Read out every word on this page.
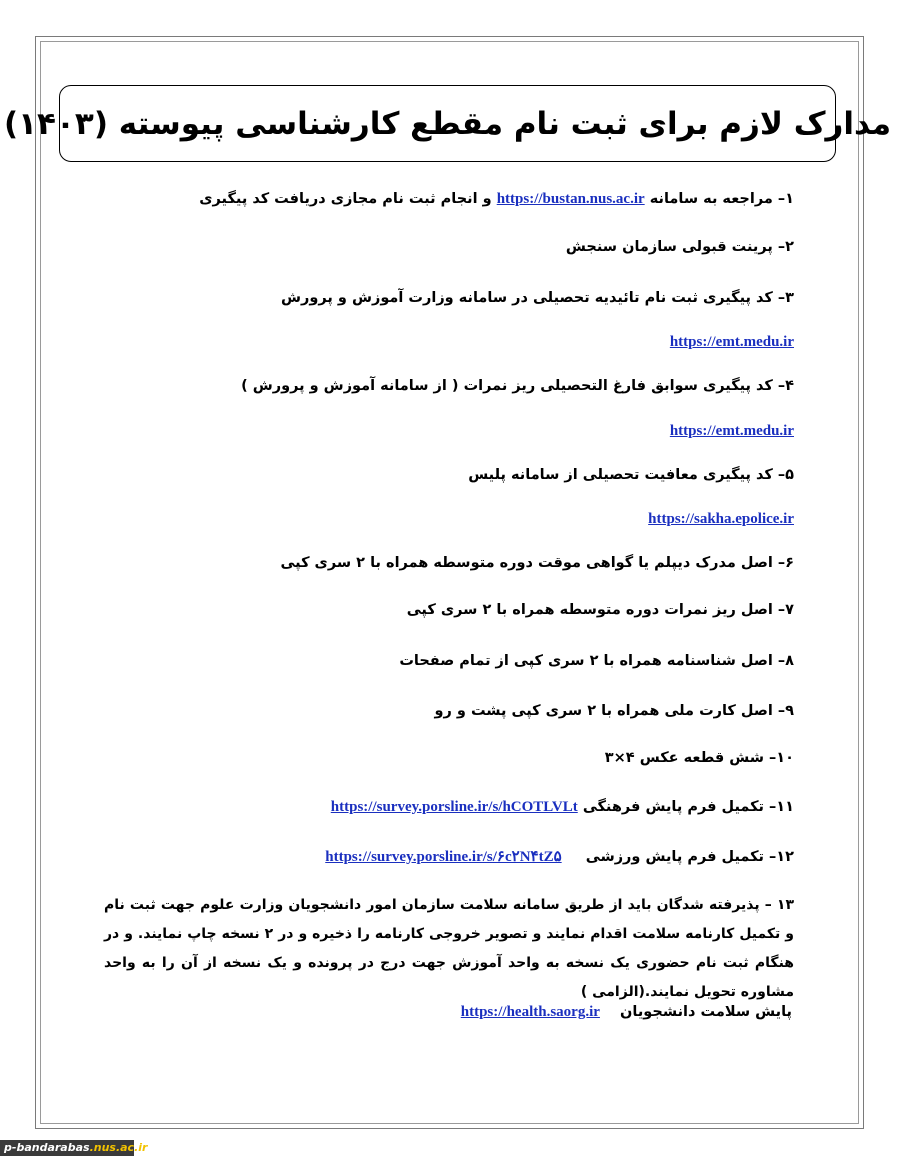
مدارک لازم برای ثبت نام مقطع کارشناسی پیوسته (۱۴۰۳)
۱– مراجعه به سامانه https://bustan.nus.ac.ir و انجام ثبت نام مجازی دریافت کد پیگیری
۲– پرینت قبولی سازمان سنجش
۳– کد پیگیری ثبت نام تائیدیه تحصیلی در سامانه وزارت آموزش و پرورش
https://emt.medu.ir
۴– کد پیگیری سوابق فارغ التحصیلی ریز نمرات ( از سامانه آموزش و پرورش )
https://emt.medu.ir
۵– کد پیگیری معافیت تحصیلی از سامانه پلیس
https://sakha.epolice.ir
۶– اصل مدرک دیپلم یا گواهی موقت دوره متوسطه همراه با ۲ سری کپی
۷– اصل ریز نمرات دوره متوسطه همراه با ۲ سری کپی
۸– اصل شناسنامه همراه با ۲ سری کپی از تمام صفحات
۹– اصل کارت ملی همراه با ۲ سری کپی پشت و رو
۱۰– شش قطعه عکس ۴×۳
۱۱– تکمیل فرم پایش فرهنگی https://survey.porsline.ir/s/hCOTLVLt
۱۲– تکمیل فرم پایش ورزشی  https://survey.porsline.ir/s/۶c۲N۴tZ۵
۱۳ – پذیرفته شدگان باید از طریق سامانه سلامت سازمان امور دانشجویان وزارت علوم جهت ثبت نام و تکمیل کارنامه سلامت اقدام نمایند و تصویر خروجی کارنامه را ذخیره و در ۲ نسخه چاپ نمایند. و در هنگام ثبت نام حضوری یک نسخه به واحد آموزش جهت درج در پرونده و یک نسخه از آن را به واحد مشاوره تحویل نمایند.(الزامی )
پایش سلامت دانشجویان  https://health.saorg.ir
p-bandarabas.nus.ac.ir
